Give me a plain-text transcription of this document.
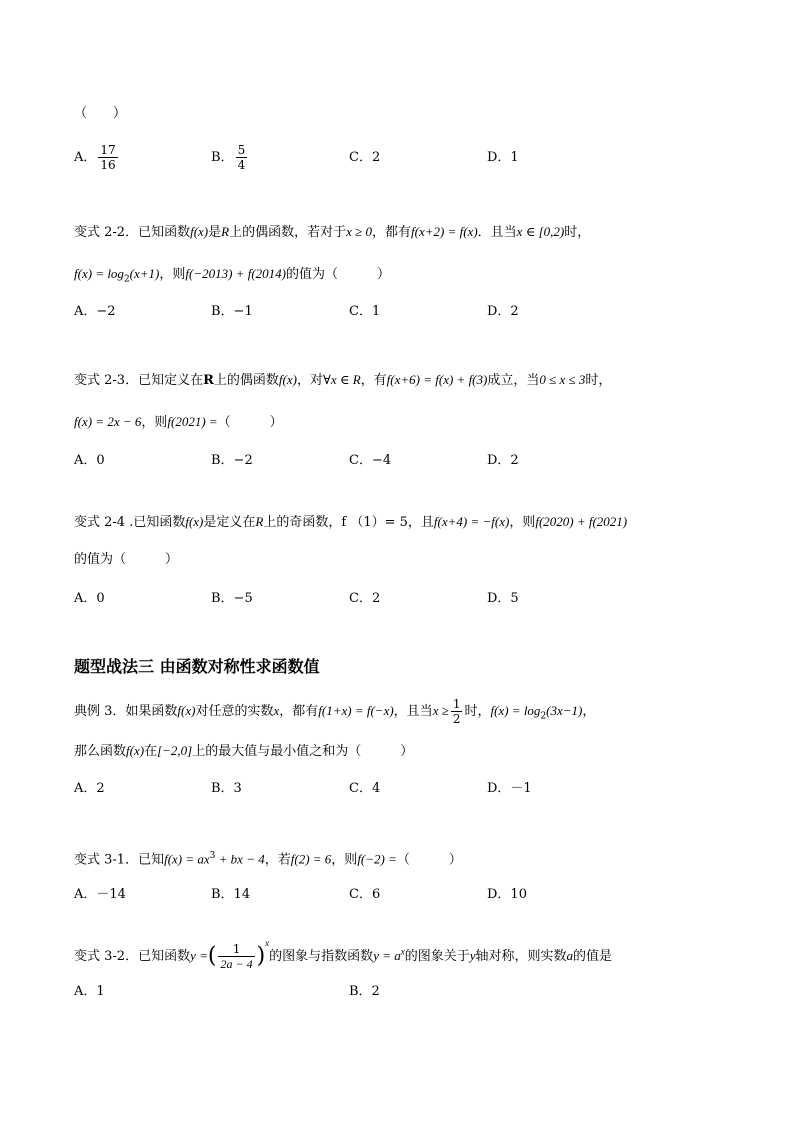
（　　）
A． $\frac{17}{16}$	B． $\frac{5}{4}$	C．2	D．1
变式 2-2．已知函数f(x)是R上的偶函数，若对于x ≥ 0，都有f(x+2) = f(x)．且当x ∈ [0,2)时，
$f(x) = \log_2(x+1)$，则f(−2013) + f(2014)的值为（　　　）
A．−2	B．−1	C．1	D．2
变式 2-3．已知定义在R上的偶函数f(x)，对∀x ∈ R，有f(x+6) = f(x) + f(3)成立，当0 ≤ x ≤ 3时，
f(x) = 2x − 6，则f(2021) =（　　　）
A．0	B．−2	C．−4	D．2
变式 2-4 .已知函数f(x)是定义在R上的奇函数，f （1）= 5，且f(x+4) = −f(x)，则f(2020) + f(2021)
的值为（　　　）
A．0	B．−5	C．2	D．5
题型战法三 由函数对称性求函数值
典例 3．如果函数f(x)对任意的实数x，都有f(1+x) = f(−x)，且当$x \ge \frac{1}{2}$ 时，$f(x) = \log_2(3x-1)$，
那么函数f(x)在[−2,0]上的最大值与最小值之和为（　　　）
A．2	B．3	C．4	D．－1
变式 3-1．已知$f(x) = ax^3$ + bx − 4，若f(2) = 6，则f(−2) =（　　　）
A．－14	B．14	C．6	D．10
变式 3-2．已知函数y =( $\frac{1}{2a - 4} )^x$的图象与指数函数$y = a^x$的图象关于y轴对称，则实数a的值是
A．1	B．2
